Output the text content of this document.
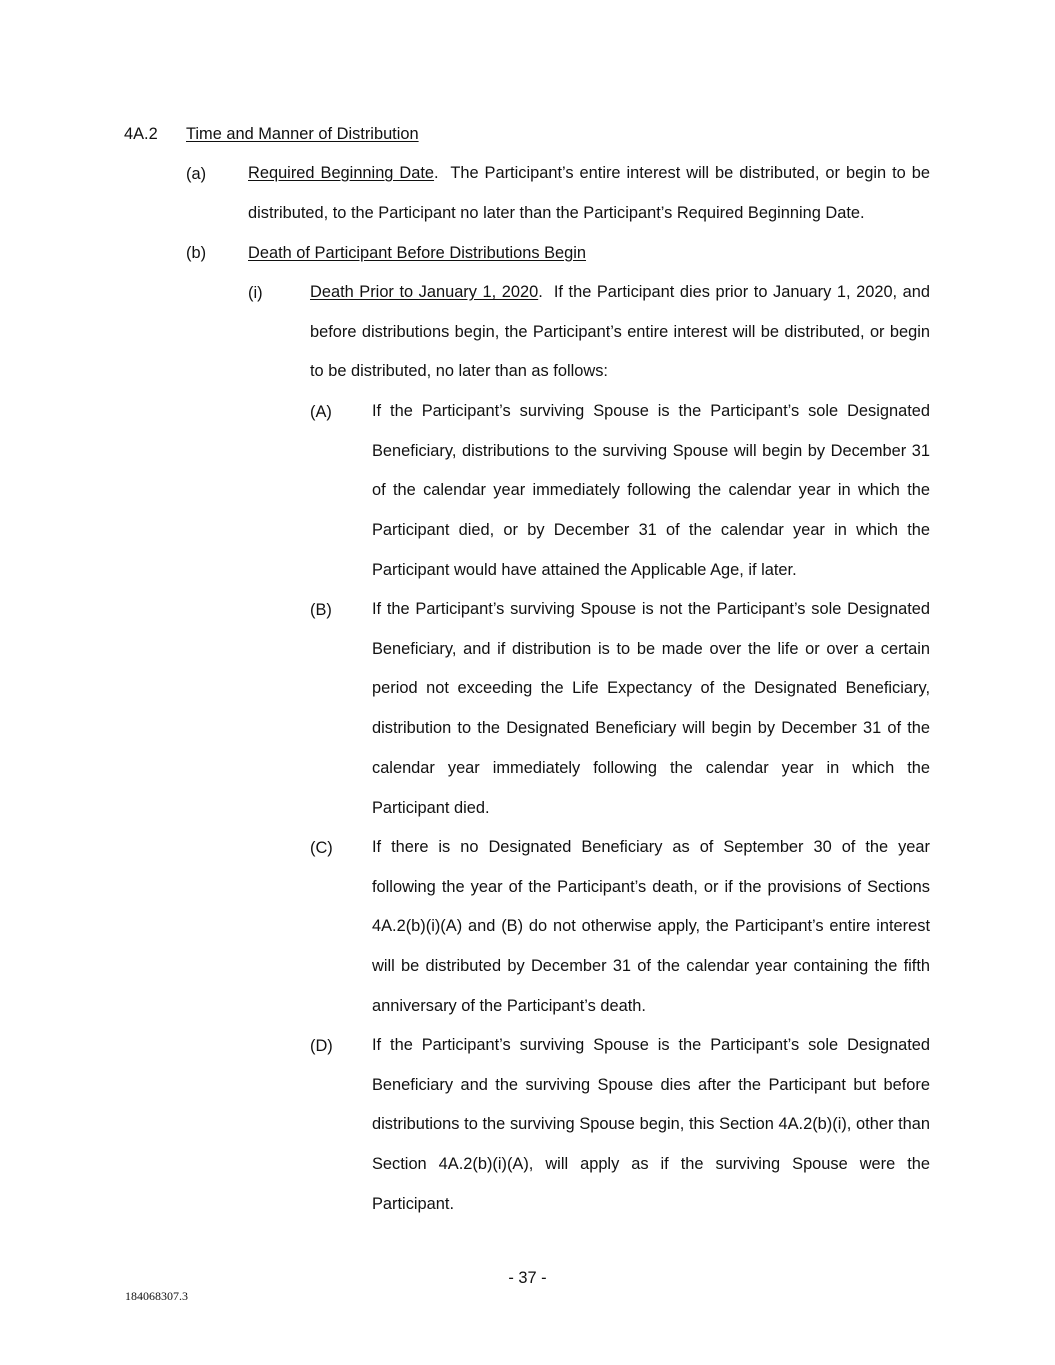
4A.2 Time and Manner of Distribution
(a)	Required Beginning Date. The Participant’s entire interest will be distributed, or begin to be distributed, to the Participant no later than the Participant’s Required Beginning Date.
(b)	Death of Participant Before Distributions Begin
(i)	Death Prior to January 1, 2020. If the Participant dies prior to January 1, 2020, and before distributions begin, the Participant’s entire interest will be distributed, or begin to be distributed, no later than as follows:
(A) If the Participant’s surviving Spouse is the Participant’s sole Designated Beneficiary, distributions to the surviving Spouse will begin by December 31 of the calendar year immediately following the calendar year in which the Participant died, or by December 31 of the calendar year in which the Participant would have attained the Applicable Age, if later.
(B) If the Participant’s surviving Spouse is not the Participant’s sole Designated Beneficiary, and if distribution is to be made over the life or over a certain period not exceeding the Life Expectancy of the Designated Beneficiary, distribution to the Designated Beneficiary will begin by December 31 of the calendar year immediately following the calendar year in which the Participant died.
(C) If there is no Designated Beneficiary as of September 30 of the year following the year of the Participant’s death, or if the provisions of Sections 4A.2(b)(i)(A) and (B) do not otherwise apply, the Participant’s entire interest will be distributed by December 31 of the calendar year containing the fifth anniversary of the Participant’s death.
(D) If the Participant’s surviving Spouse is the Participant’s sole Designated Beneficiary and the surviving Spouse dies after the Participant but before distributions to the surviving Spouse begin, this Section 4A.2(b)(i), other than Section 4A.2(b)(i)(A), will apply as if the surviving Spouse were the Participant.
- 37 -
184068307.3
